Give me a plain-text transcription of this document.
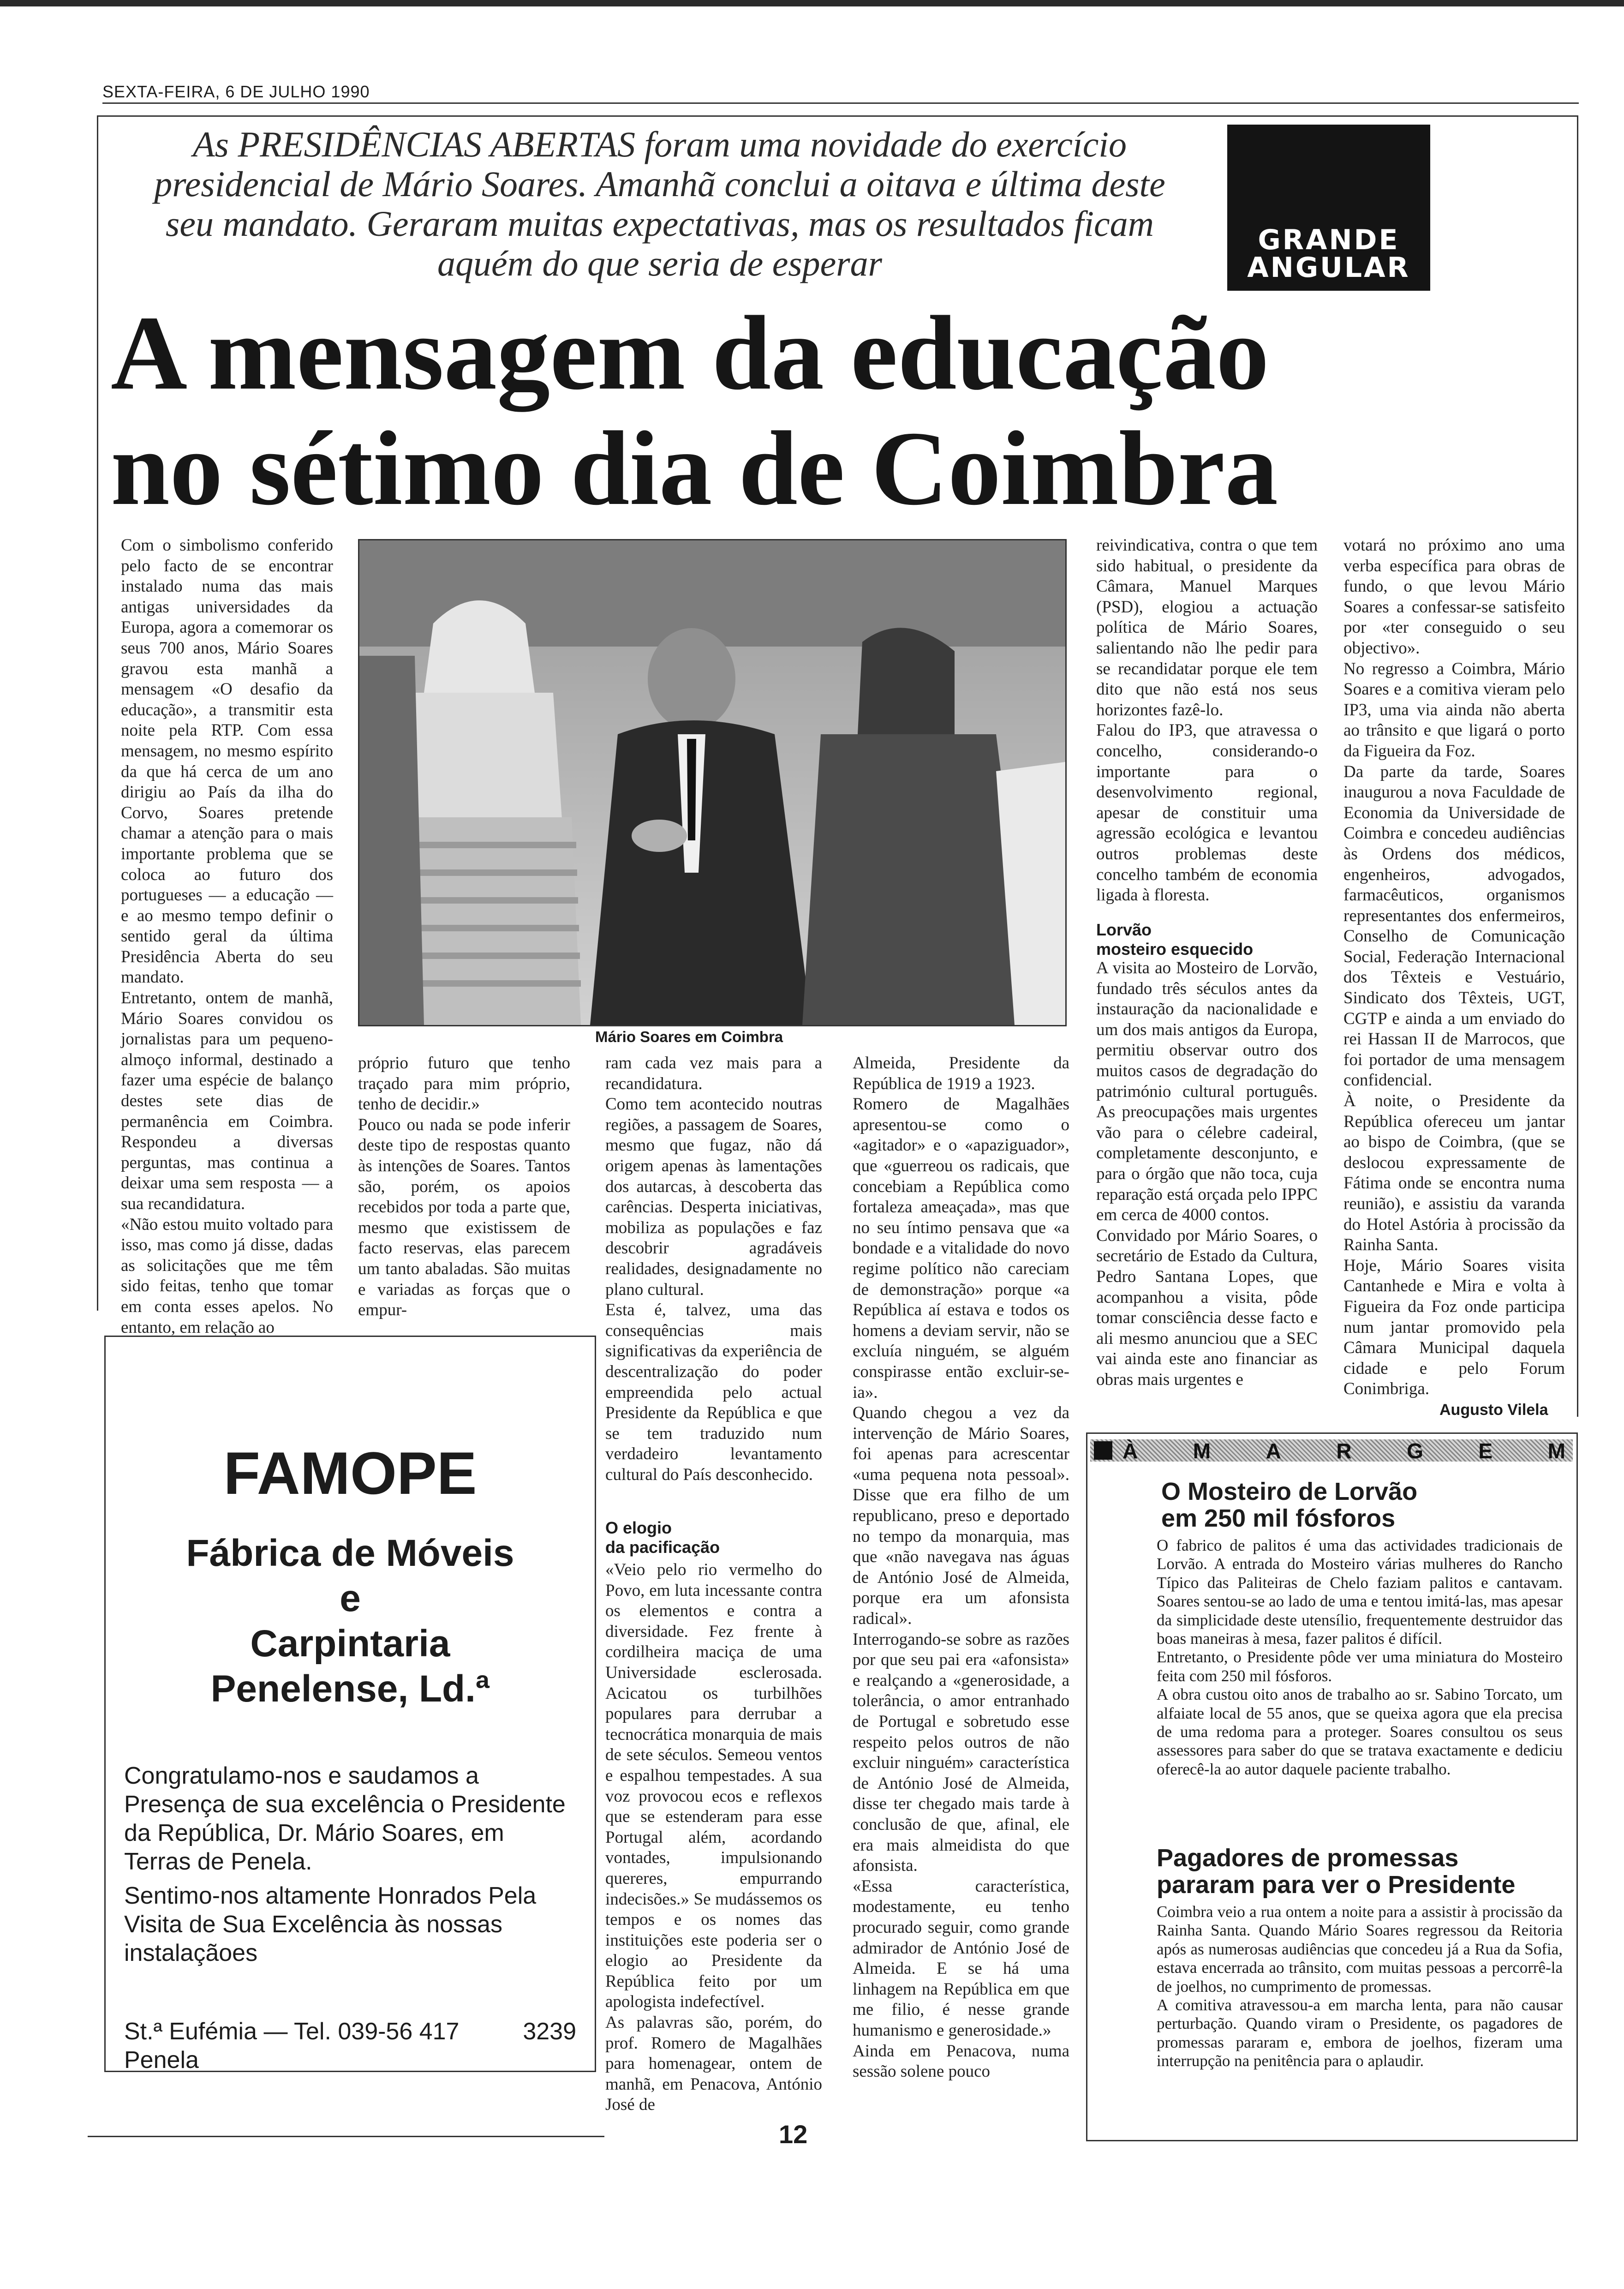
SEXTA-FEIRA, 6 DE JULHO 1990
As PRESIDÊNCIAS ABERTAS foram uma novidade do exercício presidencial de Mário Soares. Amanhã conclui a oitava e última deste seu mandato. Geraram muitas expectativas, mas os resultados ficam aquém do que seria de esperar
GRANDE
ANGULAR
A mensagem da educação
no sétimo dia de Coimbra
Mário Soares em Coimbra
Com o simbolismo conferido pelo facto de se encontrar instalado numa das mais antigas universidades da Europa, agora a comemorar os seus 700 anos, Mário Soares gravou esta manhã a mensagem «O desafio da educação», a transmitir esta noite pela RTP. Com essa mensagem, no mesmo espírito da que há cerca de um ano dirigiu ao País da ilha do Corvo, Soares pretende chamar a atenção para o mais importante problema que se coloca ao futuro dos portugueses — a educação — e ao mesmo tempo definir o sentido geral da última Presidência Aberta do seu mandato.
Entretanto, ontem de manhã, Mário Soares convidou os jornalistas para um pequeno-almoço informal, destinado a fazer uma espécie de balanço destes sete dias de permanência em Coimbra. Respondeu a diversas perguntas, mas continua a deixar uma sem resposta — a sua recandidatura.
«Não estou muito voltado para isso, mas como já disse, dadas as solicitações que me têm sido feitas, tenho que tomar em conta esses apelos. No entanto, em relação ao
próprio futuro que tenho traçado para mim próprio, tenho de decidir.»
Pouco ou nada se pode inferir deste tipo de respostas quanto às intenções de Soares. Tantos são, porém, os apoios recebidos por toda a parte que, mesmo que existissem de facto reservas, elas parecem um tanto abaladas. São muitas e variadas as forças que o empur-
ram cada vez mais para a recandidatura.
Como tem acontecido noutras regiões, a passagem de Soares, mesmo que fugaz, não dá origem apenas às lamentações dos autarcas, à descoberta das carências. Desperta iniciativas, mobiliza as populações e faz descobrir agradáveis realidades, designadamente no plano cultural.
Esta é, talvez, uma das consequências mais significativas da experiência de descentralização do poder empreendida pelo actual Presidente da República e que se tem traduzido num verdadeiro levantamento cultural do País desconhecido.
O elogio
da pacificação
«Veio pelo rio vermelho do Povo, em luta incessante contra os elementos e contra a diversidade. Fez frente à cordilheira maciça de uma Universidade esclerosada. Acicatou os turbilhões populares para derrubar a tecnocrática monarquia de mais de sete séculos. Semeou ventos e espalhou tempestades. A sua voz provocou ecos e reflexos que se estenderam para esse Portugal além, acordando vontades, impulsionando quereres, empurrando indecisões.» Se mudássemos os tempos e os nomes das instituições este poderia ser o elogio ao Presidente da República feito por um apologista indefectível.
As palavras são, porém, do prof. Romero de Magalhães para homenagear, ontem de manhã, em Penacova, António José de
Almeida, Presidente da República de 1919 a 1923.
Romero de Magalhães apresentou-se como o «agitador» e o «apaziguador», que «guerreou os radicais, que concebiam a República como fortaleza ameaçada», mas que no seu íntimo pensava que «a bondade e a vitalidade do novo regime político não careciam de demonstração» porque «a República aí estava e todos os homens a deviam servir, não se excluía ninguém, se alguém conspirasse então excluir-se-ia».
Quando chegou a vez da intervenção de Mário Soares, foi apenas para acrescentar «uma pequena nota pessoal». Disse que era filho de um republicano, preso e deportado no tempo da monarquia, mas que «não navegava nas águas de António José de Almeida, porque era um afonsista radical».
Interrogando-se sobre as razões por que seu pai era «afonsista» e realçando a «generosidade, a tolerância, o amor entranhado de Portugal e sobretudo esse respeito pelos outros de não excluir ninguém» característica de António José de Almeida, disse ter chegado mais tarde à conclusão de que, afinal, ele era mais almeidista do que afonsista.
«Essa característica, modestamente, eu tenho procurado seguir, como grande admirador de António José de Almeida. E se há uma linhagem na República em que me filio, é nesse grande humanismo e generosidade.»
Ainda em Penacova, numa sessão solene pouco
reivindicativa, contra o que tem sido habitual, o presidente da Câmara, Manuel Marques (PSD), elogiou a actuação política de Mário Soares, salientando não lhe pedir para se recandidatar porque ele tem dito que não está nos seus horizontes fazê-lo.
Falou do IP3, que atravessa o concelho, considerando-o importante para o desenvolvimento regional, apesar de constituir uma agressão ecológica e levantou outros problemas deste concelho também de economia ligada à floresta.
Lorvão
mosteiro esquecido
A visita ao Mosteiro de Lorvão, fundado três séculos antes da instauração da nacionalidade e um dos mais antigos da Europa, permitiu observar outro dos muitos casos de degradação do património cultural português. As preocupações mais urgentes vão para o célebre cadeiral, completamente desconjunto, e para o órgão que não toca, cuja reparação está orçada pelo IPPC em cerca de 4000 contos.
Convidado por Mário Soares, o secretário de Estado da Cultura, Pedro Santana Lopes, que acompanhou a visita, pôde tomar consciência desse facto e ali mesmo anunciou que a SEC vai ainda este ano financiar as obras mais urgentes e
votará no próximo ano uma verba específica para obras de fundo, o que levou Mário Soares a confessar-se satisfeito por «ter conseguido o seu objectivo».
No regresso a Coimbra, Mário Soares e a comitiva vieram pelo IP3, uma via ainda não aberta ao trânsito e que ligará o porto da Figueira da Foz.
Da parte da tarde, Soares inaugurou a nova Faculdade de Economia da Universidade de Coimbra e concedeu audiências às Ordens dos médicos, engenheiros, advogados, farmacêuticos, organismos representantes dos enfermeiros, Conselho de Comunicação Social, Federação Internacional dos Têxteis e Vestuário, Sindicato dos Têxteis, UGT, CGTP e ainda a um enviado do rei Hassan II de Marrocos, que foi portador de uma mensagem confidencial.
À noite, o Presidente da República ofereceu um jantar ao bispo de Coimbra, (que se deslocou expressamente de Fátima onde se encontra numa reunião), e assistiu da varanda do Hotel Astória à procissão da Rainha Santa.
Hoje, Mário Soares visita Cantanhede e Mira e volta à Figueira da Foz onde participa num jantar promovido pela Câmara Municipal daquela cidade e pelo Forum Conimbriga.
Augusto Vilela
FAMOPE
Fábrica de Móveis
e
Carpintaria
Penelense, Ld.ª
Congratulamo-nos e saudamos a Presença de sua excelência o Presidente da República, Dr. Mário Soares, em Terras de Penela.
Sentimo-nos altamente Honrados Pela Visita de Sua Excelência às nossas instalaçãoes
St.ª Eufémia — Tel. 039-56 417	3239
Penela
À	M	A	R	G	E	M
O Mosteiro de Lorvão
em 250 mil fósforos
O fabrico de palitos é uma das actividades tradicionais de Lorvão. A entrada do Mosteiro várias mulheres do Rancho Típico das Paliteiras de Chelo faziam palitos e cantavam. Soares sentou-se ao lado de uma e tentou imitá-las, mas apesar da simplicidade deste utensílio, frequentemente destruidor das boas maneiras à mesa, fazer palitos é difícil.
Entretanto, o Presidente pôde ver uma miniatura do Mosteiro feita com 250 mil fósforos.
A obra custou oito anos de trabalho ao sr. Sabino Torcato, um alfaiate local de 55 anos, que se queixa agora que ela precisa de uma redoma para a proteger. Soares consultou os seus assessores para saber do que se tratava exactamente e dediciu oferecê-la ao autor daquele paciente trabalho.
Pagadores de promessas
pararam para ver o Presidente
Coimbra veio a rua ontem a noite para a assistir à procissão da Rainha Santa. Quando Mário Soares regressou da Reitoria após as numerosas audiências que concedeu já a Rua da Sofia, estava encerrada ao trânsito, com muitas pessoas a percorrê-la de joelhos, no cumprimento de promessas.
A comitiva atravessou-a em marcha lenta, para não causar perturbação. Quando viram o Presidente, os pagadores de promessas pararam e, embora de joelhos, fizeram uma interrupção na penitência para o aplaudir.
12
